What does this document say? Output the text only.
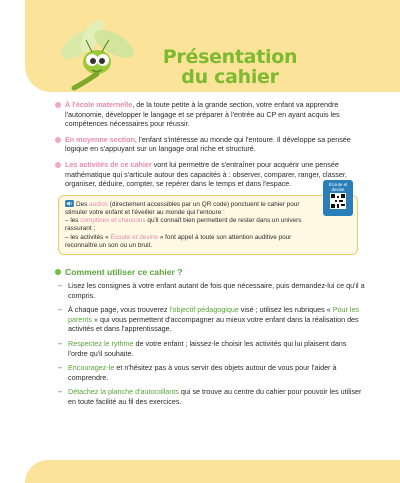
Présentation
du cahier
À l'école maternelle, de la toute petite à la grande section, votre enfant va apprendre l'autonomie, développer le langage et se préparer à l'entrée au CP en ayant acquis les compétences nécessaires pour réussir.
En moyenne section, l'enfant s'intéresse au monde qui l'entoure. Il développe sa pensée logique en s'appuyant sur un langage oral riche et structuré.
Les activités de ce cahier vont lui permettre de s'entraîner pour acquérir une pensée mathématique qui s'articule autour des capacités à : observer, comparer, ranger, classer, organiser, déduire, compter, se repérer dans le temps et dans l'espace.
Des audios (directement accessibles par un QR code) ponctuent le cahier pour stimuler votre enfant et l'éveiller au monde qui l'entoure :
– les comptines et chansons qu'il connaît bien permettent de rester dans un univers rassurant ;
– les activités « Écoute et devine » font appel à toute son attention auditive pour reconnaître un son ou un bruit.
Écoute et devine
Comment utiliser ce cahier ?
– Lisez les consignes à votre enfant autant de fois que nécessaire, puis demandez-lui ce qu'il a compris.
– À chaque page, vous trouverez l'objectif pédagogique visé ; utilisez les rubriques « Pour les parents » qui vous permettent d'accompagner au mieux votre enfant dans la réalisation des activités et dans l'apprentissage.
– Respectez le rythme de votre enfant ; laissez-le choisir les activités qui lui plaisent dans l'ordre qu'il souhaite.
– Encouragez-le et n'hésitez pas à vous servir des objets autour de vous pour l'aider à comprendre.
– Détachez la planche d'autocollants qui se trouve au centre du cahier pour pouvoir les utiliser en toute facilité au fil des exercices.
